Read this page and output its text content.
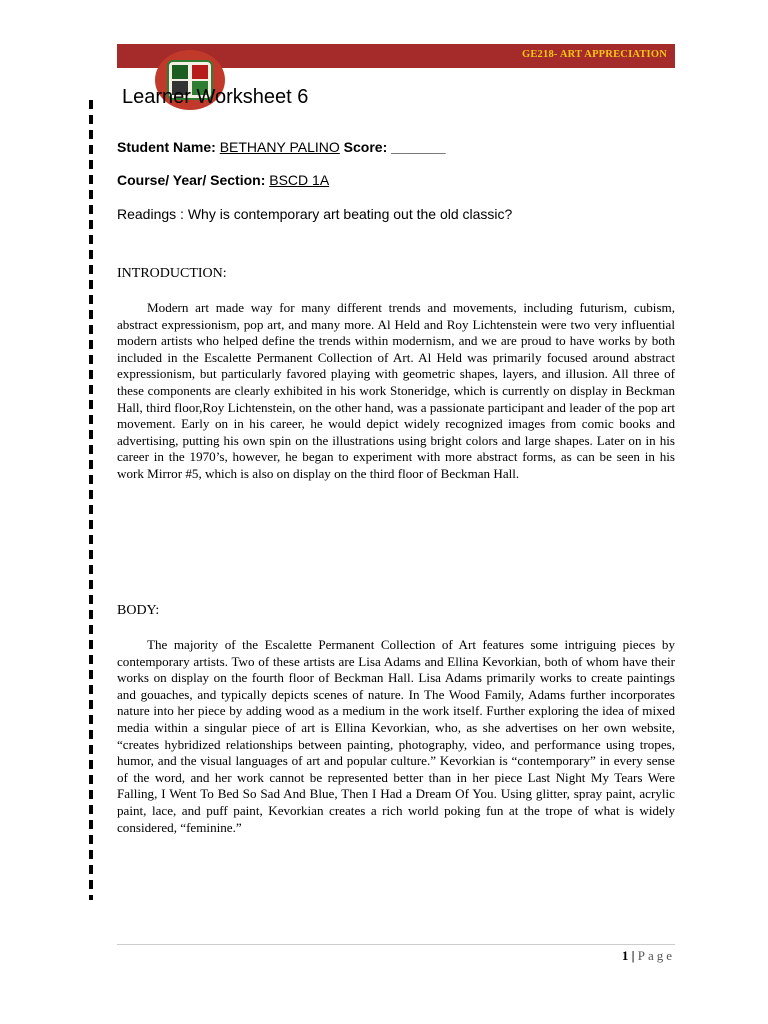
GE218- ART APPRECIATION
Learner Worksheet 6
Student Name: BETHANY PALINO Score: _______
Course/ Year/ Section: BSCD 1A
Readings : Why is contemporary art beating out the old classic?
INTRODUCTION:
Modern art made way for many different trends and movements, including futurism, cubism, abstract expressionism, pop art, and many more. Al Held and Roy Lichtenstein were two very influential modern artists who helped define the trends within modernism, and we are proud to have works by both included in the Escalette Permanent Collection of Art. Al Held was primarily focused around abstract expressionism, but particularly favored playing with geometric shapes, layers, and illusion. All three of these components are clearly exhibited in his work Stoneridge, which is currently on display in Beckman Hall, third floor,Roy Lichtenstein, on the other hand, was a passionate participant and leader of the pop art movement. Early on in his career, he would depict widely recognized images from comic books and advertising, putting his own spin on the illustrations using bright colors and large shapes. Later on in his career in the 1970’s, however, he began to experiment with more abstract forms, as can be seen in his work Mirror #5, which is also on display on the third floor of Beckman Hall.
BODY:
The majority of the Escalette Permanent Collection of Art features some intriguing pieces by contemporary artists. Two of these artists are Lisa Adams and Ellina Kevorkian, both of whom have their works on display on the fourth floor of Beckman Hall. Lisa Adams primarily works to create paintings and gouaches, and typically depicts scenes of nature. In The Wood Family, Adams further incorporates nature into her piece by adding wood as a medium in the work itself. Further exploring the idea of mixed media within a singular piece of art is Ellina Kevorkian, who, as she advertises on her own website, “creates hybridized relationships between painting, photography, video, and performance using tropes, humor, and the visual languages of art and popular culture.” Kevorkian is “contemporary” in every sense of the word, and her work cannot be represented better than in her piece Last Night My Tears Were Falling, I Went To Bed So Sad And Blue, Then I Had a Dream Of You. Using glitter, spray paint, acrylic paint, lace, and puff paint, Kevorkian creates a rich world poking fun at the trope of what is widely considered, “feminine.”
1 | Page
